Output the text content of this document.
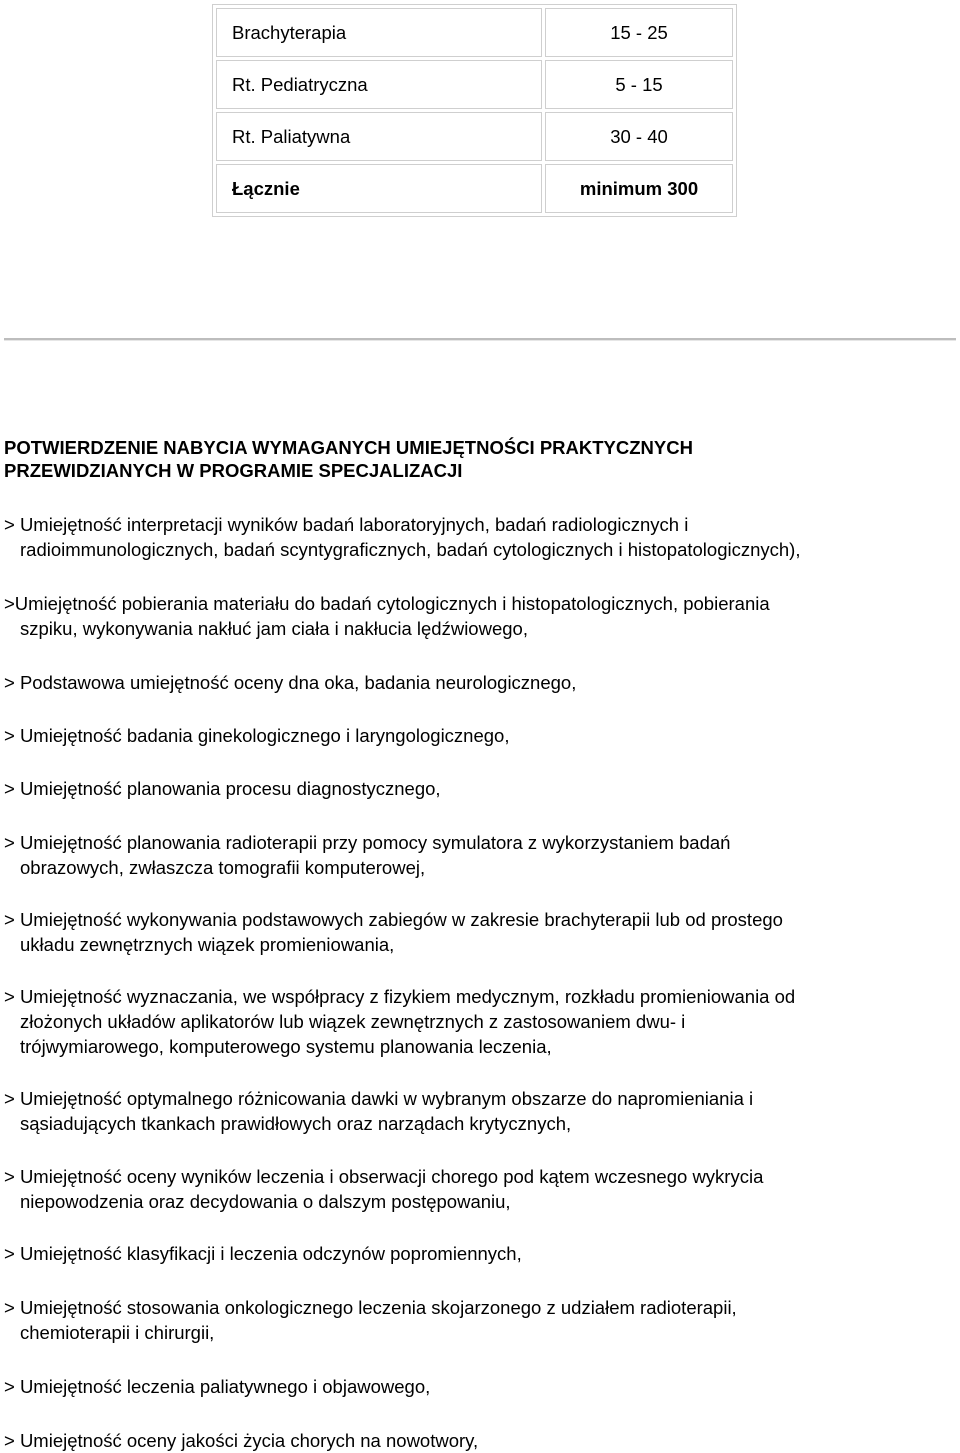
Brachyterapia	15 - 25
Rt. Pediatryczna	5 - 15
Rt. Paliatywna	30 - 40
Łącznie	minimum 300
POTWIERDZENIE NABYCIA WYMAGANYCH UMIEJĘTNOŚCI PRAKTYCZNYCH
PRZEWIDZIANYCH W PROGRAMIE SPECJALIZACJI

> Umiejętność interpretacji wyników badań laboratoryjnych, badań radiologicznych i
radioimmunologicznych, badań scyntygraficznych, badań cytologicznych i histopatologicznych),

>Umiejętność pobierania materiału do badań cytologicznych i histopatologicznych, pobierania
szpiku, wykonywania nakłuć jam ciała i nakłucia lędźwiowego,

> Podstawowa umiejętność oceny dna oka, badania neurologicznego,

> Umiejętność badania ginekologicznego i laryngologicznego,

> Umiejętność planowania procesu diagnostycznego,

> Umiejętność planowania radioterapii przy pomocy symulatora z wykorzystaniem badań
obrazowych, zwłaszcza tomografii komputerowej,

> Umiejętność wykonywania podstawowych zabiegów w zakresie brachyterapii lub od prostego
układu zewnętrznych wiązek promieniowania,

> Umiejętność wyznaczania, we współpracy z fizykiem medycznym, rozkładu promieniowania od
złożonych układów aplikatorów lub wiązek zewnętrznych z zastosowaniem dwu- i
trójwymiarowego, komputerowego systemu planowania leczenia,

> Umiejętność optymalnego różnicowania dawki w wybranym obszarze do napromieniania i
sąsiadujących tkankach prawidłowych oraz narządach krytycznych,

> Umiejętność oceny wyników leczenia i obserwacji chorego pod kątem wczesnego wykrycia
niepowodzenia oraz decydowania o dalszym postępowaniu,

> Umiejętność klasyfikacji i leczenia odczynów popromiennych,

> Umiejętność stosowania onkologicznego leczenia skojarzonego z udziałem radioterapii,
chemioterapii i chirurgii,

> Umiejętność leczenia paliatywnego i objawowego,

> Umiejętność oceny jakości życia chorych na nowotwory,
